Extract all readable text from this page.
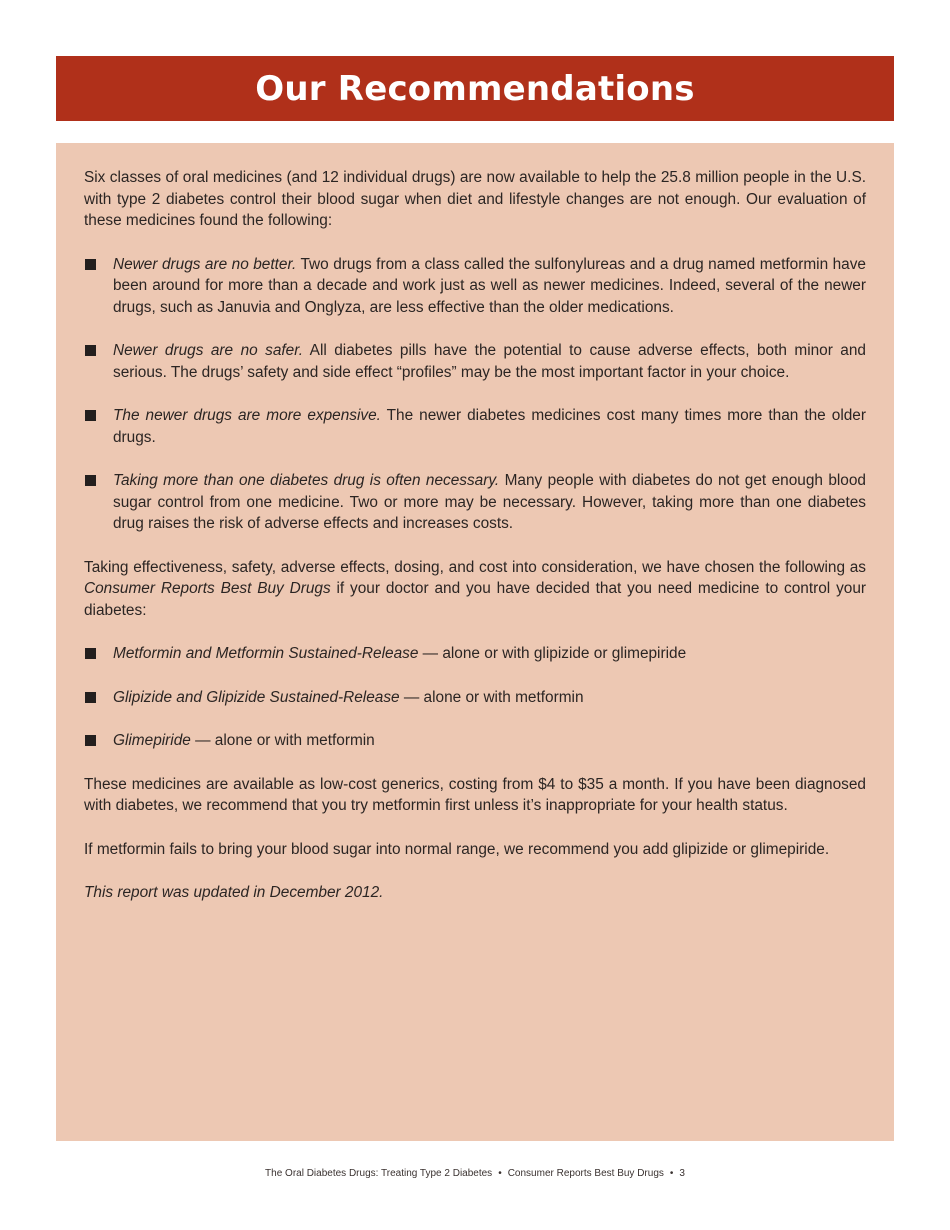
Our Recommendations

Six classes of oral medicines (and 12 individual drugs) are now available to help the 25.8 million people in the U.S. with type 2 diabetes control their blood sugar when diet and lifestyle changes are not enough. Our evaluation of these medicines found the following:

Newer drugs are no better. Two drugs from a class called the sulfonylureas and a drug named metformin have been around for more than a decade and work just as well as newer medicines. Indeed, several of the newer drugs, such as Januvia and Onglyza, are less effective than the older medications.
Newer drugs are no safer. All diabetes pills have the potential to cause adverse effects, both minor and serious. The drugs’ safety and side effect “profiles” may be the most important factor in your choice.
The newer drugs are more expensive. The newer diabetes medicines cost many times more than the older drugs.
Taking more than one diabetes drug is often necessary. Many people with diabetes do not get enough blood sugar control from one medicine. Two or more may be necessary. However, taking more than one diabetes drug raises the risk of adverse effects and increases costs.

Taking effectiveness, safety, adverse effects, dosing, and cost into consideration, we have chosen the following as Consumer Reports Best Buy Drugs if your doctor and you have decided that you need medicine to control your diabetes:

Metformin and Metformin Sustained-Release — alone or with glipizide or glimepiride
Glipizide and Glipizide Sustained-Release — alone or with metformin
Glimepiride — alone or with metformin

These medicines are available as low-cost generics, costing from $4 to $35 a month. If you have been diagnosed with diabetes, we recommend that you try metformin first unless it’s inappropriate for your health status.

If metformin fails to bring your blood sugar into normal range, we recommend you add glipizide or glimepiride.

This report was updated in December 2012.

The Oral Diabetes Drugs: Treating Type 2 Diabetes • Consumer Reports Best Buy Drugs • 3
